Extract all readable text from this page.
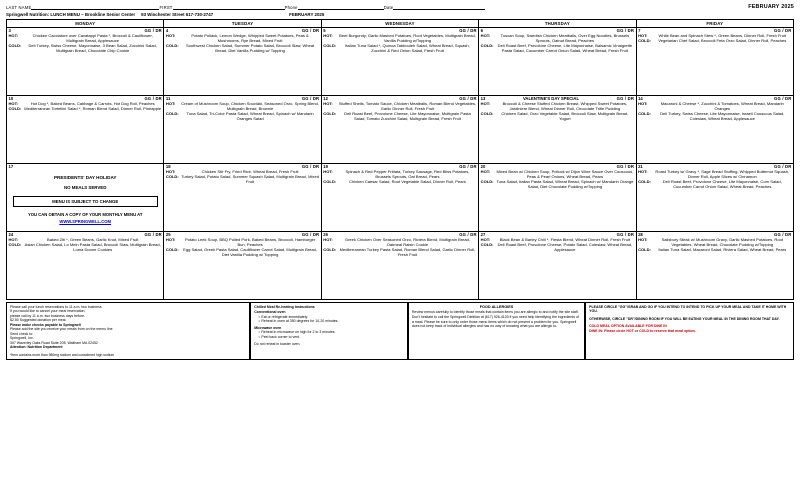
LAST NAME	FIRST	Phone	Date	FEBRUARY 2025
Springwell Nutrition: LUNCH MENU ~ Brookline Senior Center 93 Winchester Street 617-730-2747	FEBRUARY 2025
MONDAY	TUESDAY	WEDNESDAY	THURSDAY	FRIDAY

3	GG / DR
HOT:	Chicken Cacciatore over Cavatappi Pasta *, Broccoli & Cauliflower, Multigrain Bread, Applesauce
COLD:	Deli Turkey, Swiss Cheese, Mayonnaise, 3 Bean Salad, Zucchini Salad, Multigrain Bread, Chocolate Chip Cookie

4	GG / DR
HOT:	Potato Pollack, Lemon Wedge, Whipped Sweet Potatoes, Peas & Mushrooms, Rye Bread, Mixed Fruit
COLD:	Southwest Chicken Salad, Summer Potato Salad, Broccoli Slaw, Wheat Bread, Diet Vanilla Pudding w/ Topping

5	GG / DR
HOT:	Beef Burgundy, Garlic Mashed Potatoes, Root Vegetables, Multigrain Bread, Vanilla Pudding w/Topping
COLD:	Italian Tuna Salad *, Quinoa Tabbouleh Salad, Wheat Bread, Squash, Zucchini & Red Onion Salad, Fresh Fruit

6	GG / DR
HOT:	Tuscan Soup, Swedish Chicken Meatballs, Over Egg Noodles, Brussels Sprouts, Oatnut Bread, Peaches
COLD:	Deli Roast Beef, Provolone Cheese, Lite Mayonnaise, Balsamic Vinaigrette Pasta Salad, Cucumber Carrot Onion Salad, Wheat Bread, Fresh Fruit

7	GG / DR
HOT:	White Bean and Spinach Stew *, Green Beans, Dinner Roll, Fresh Fruit
COLD:	Vegetarian Chef Salad, Broccoli Feta Orzo Salad, Dinner Roll, Peaches

10	GG / DR
HOT:	Hot Dog *, Baked Beans, Cabbage & Carrots, Hot Dog Roll, Peaches
COLD: Mediterranean Tortellini Salad *, Roman Blend Salad, Dinner Roll, Pineapple

11	GG / DR
HOT:	Cream of Mushroom Soup, Chicken Souvlaki, Seasoned Orzo, Spring Blend, Multigrain Bread, Brownie
COLD:	Tuna Salad, Tri-Color Pasta Salad, Wheat Bread, Spinach w/ Mandarin Oranges Salad

12	GG / DR
HOT:	Stuffed Shells, Tomato Sauce, Chicken Meatballs, Roman Blend Vegetables, Garlic Dinner Roll, Fresh Fruit
COLD:	Deli Roast Beef, Provolone Cheese, Lite Mayonnaise, Multigrain Pasta Salad, Tomato Zucchini Salad, Multigrain Bread, Fresh Fruit

13	VALENTINE'S DAY SPECIAL	GG / DR
HOT:	Broccoli & Cheese Stuffed Chicken Breast, Whipped Sweet Potatoes, Jardiniere Blend, Wheat Dinner Roll, Chocolate Trifle Pudding
COLD:	Chicken Salad, Orzo Vegetable Salad, Broccoli Slaw, Multigrain Bread, Yogurt

14	GG / DR
HOT:	Macaroni & Cheese *, Zucchini & Tomatoes, Wheat Bread, Mandarin Oranges
COLD:	Deli Turkey, Swiss Cheese, Lite Mayonnaise, Israeli Couscous Salad, Coleslaw, Wheat Bread, Applesauce

17
PRESIDENTS' DAY HOLIDAY
NO MEALS SERVED
MENU IS SUBJECT TO CHANGE
YOU CAN OBTAIN A COPY OF YOUR MONTHLY MENU AT
WWW.SPRINGWELL.COM

18	GG / DR
HOT:	Chicken Stir Fry, Fried Rice, Wheat Bread, Fresh Fruit
COLD: Turkey Salad, Potato Salad, Summer Squash Salad, Multigrain Bread, Mixed Fruit

19	GG / DR
HOT:	Spinach & Red Pepper Frittata, Turkey Sausage, Red Bliss Potatoes, Brussels Sprouts, Oat Bread, Pears
COLD:	Chicken Caesar Salad, Root Vegetable Salad, Dinner Roll, Pears

20	GG / DR
HOT:	Mixed Bean w/ Chicken Soup, Pollock w/ Dijon Wine Sauce Over Couscous, Peas & Pearl Onions, Wheat Bread, Pears
COLD: Tuna Salad, Italian Pasta Salad, Wheat Bread, Spinach w/ Mandarin Orange Salad, Diet Chocolate Pudding w/Topping

21	GG / DR
HOT:	Roast Turkey w/ Gravy *, Sage Bread Stuffing, Whipped Butternut Squash, Dinner Roll, Apple Slices w/ Cinnamon
COLD:	Deli Roast Beef, Provolone Cheese, Lite Mayonnaise, Corn Salad, Cucumber Carrot Onion Salad, Wheat Bread, Peaches

24	GG / DR
HOT:	Baked Ziti *, Green Beans, Garlic Knot, Mixed Fruit
COLD: Asian Chicken Salad, Lo Mein Pasta Salad, Broccoli Slaw, Multigrain Bread, Loma Doone Cookies

25	GG / DR
HOT:	Potato Leek Soup, BBQ Pulled Pork, Baked Beans, Broccoli, Hamburger Bun, Peaches
COLD:	Egg Salad, Greek Pasta Salad, Cauliflower Carrot Salad, Multigrain Bread, Diet Vanilla Pudding w/ Topping

26	GG / DR
HOT:	Greek Chicken Over Seasoned Orzo, Riviera Blend, Multigrain Bread, Oatmeal Raisin Cookie
COLD: Mediterranean Turkey Pasta Salad, Roman Blend Salad, Garlic Dinner Roll, Fresh Fruit

27	GG / DR
HOT:	Black Bean & Barley Chili *, Fiesta Blend, Wheat Dinner Roll, Fresh Fruit
COLD:	Deli Roast Beef, Provolone Cheese, Potato Salad, Coleslaw, Wheat Bread, Applesauce

28	GG / DR
HOT:	Salisbury Steak w/ Mushroom Gravy, Garlic Mashed Potatoes, Root Vegetables, Wheat Bread, Chocolate Pudding w/Topping
COLD:	Italian Tuna Salad, Macaroni Salad, Riviera Salad, Wheat Bread, Pears
Please call your lunch reservations to 11 a.m. two business
If you would like to cancel your meal reservation,
please call by 11 a.m. two business days before.
$2.50 Suggested donation per meal.
Please make checks payable to Springwell
Please add the site you receive your meals from on the memo line
Send check to:
Springwell, Inc.
307 Waverley Oaks Road Suite 205, Waltham MA 02452
Attention: Nutrition Department
*Item contains more than 980mg sodium and considered high sodium
Chilled Meal Re-heating Instructions
Conventional oven
○ Eat or refrigerate immediately.
○ Reheat in oven at 350 degrees for 10-20 minutes.
Microwave oven
○ Reheat in microwave on high for 2 to 3 minutes.
○ Peel back corner to vent.
Do not reheat in toaster oven.
FOOD ALLERGIES
Review menus carefully to identify those meals that contain items you are allergic to and notify the site staff. Don't hesitate to call the Springwell Dietitian at (617) 926-4100 if you need help identifying the ingredients of a meal. Please be sure to only order those menu items which do not present a problem for you. Springwell does not keep track of individual allergies and has no way of knowing what you are allergic to.
PLEASE CIRCLE "GG"/GRAB AND GO IF YOU INTEND TO INTEND TO PICK UP YOUR MEAL AND TAKE IT HOME WITH YOU.
OTHERWISE, CIRCLE "DR"/DINING ROOM IF YOU WILL BE EATING YOUR MEAL IN THE DINING ROOM THAT DAY.
COLD MEAL OPTION AVAILABLE FOR DINE IN
DINE IN: Please circle HOT or COLD to reserve that meal option.
